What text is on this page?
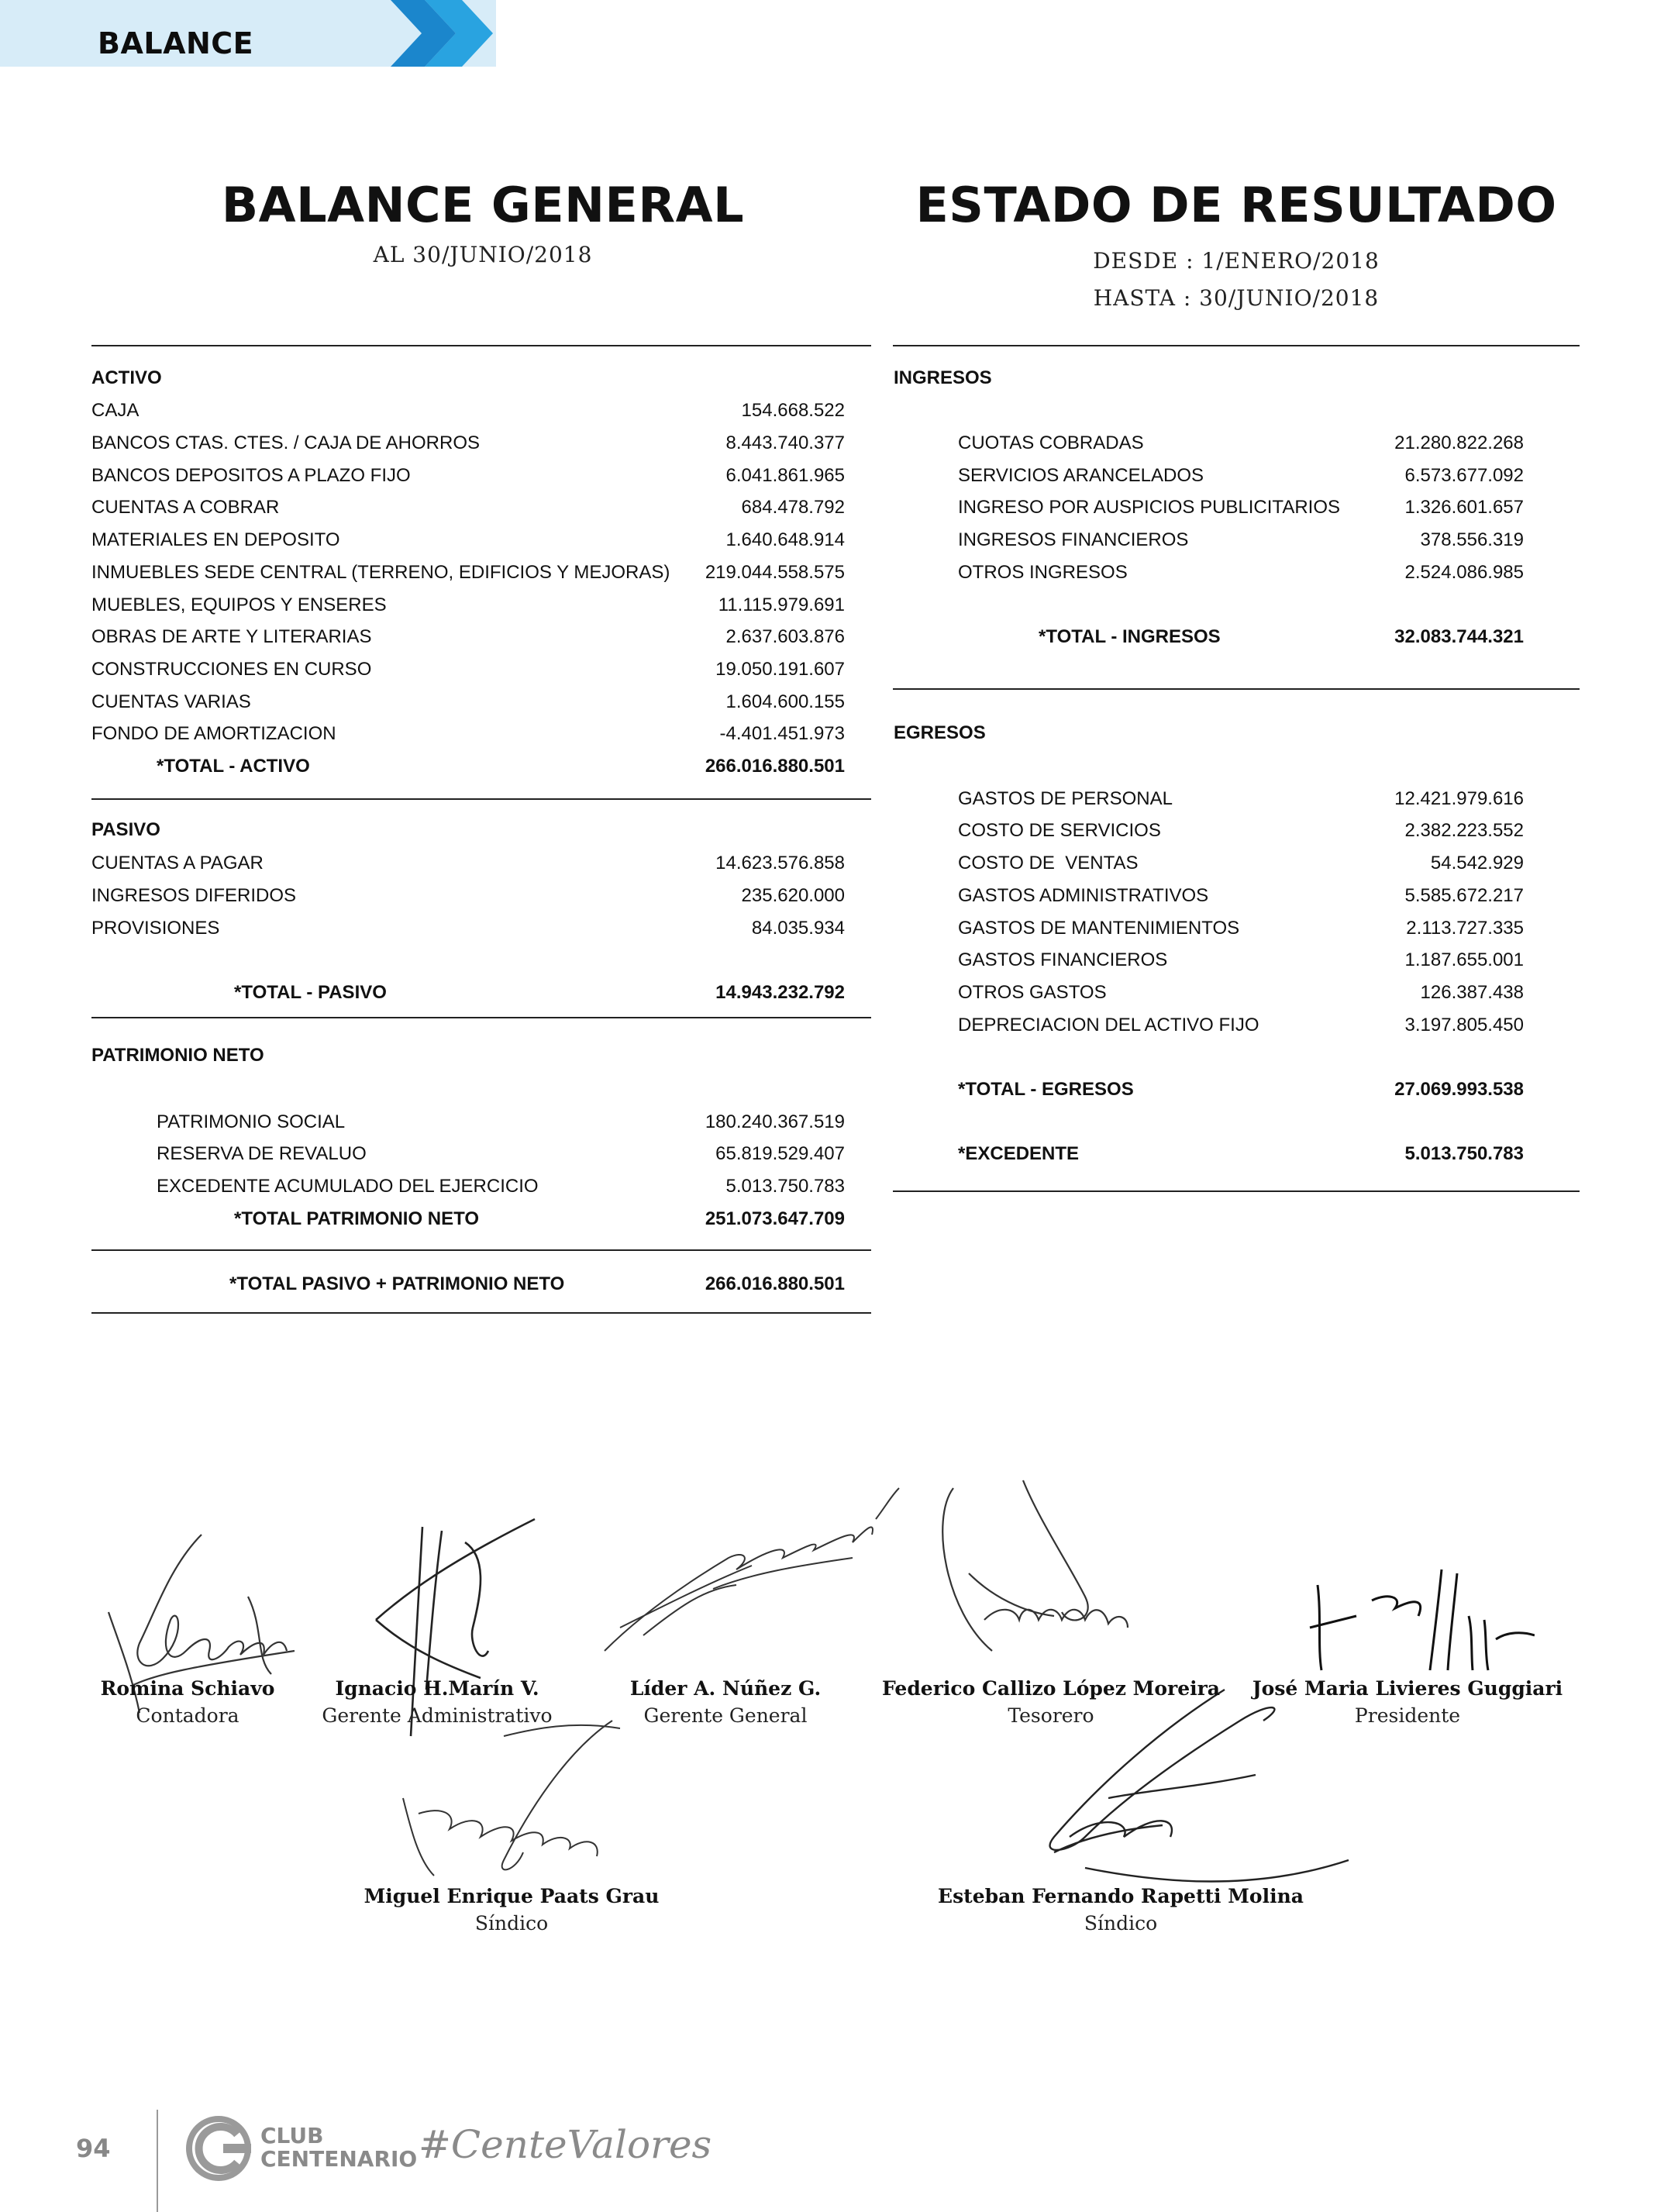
BALANCE
BALANCE GENERAL
AL 30/JUNIO/2018
ESTADO DE RESULTADO
DESDE : 1/ENERO/2018
HASTA : 30/JUNIO/2018
ACTIVO
CAJA	154.668.522
BANCOS CTAS. CTES. / CAJA DE AHORROS	8.443.740.377
BANCOS DEPOSITOS A PLAZO FIJO	6.041.861.965
CUENTAS A COBRAR	684.478.792
MATERIALES EN DEPOSITO	1.640.648.914
INMUEBLES SEDE CENTRAL (TERRENO, EDIFICIOS Y MEJORAS) 219.044.558.575
MUEBLES, EQUIPOS Y ENSERES	11.115.979.691
OBRAS DE ARTE Y LITERARIAS	2.637.603.876
CONSTRUCCIONES EN CURSO	19.050.191.607
CUENTAS VARIAS	1.604.600.155
FONDO DE AMORTIZACION	-4.401.451.973
*TOTAL - ACTIVO	266.016.880.501
PASIVO
CUENTAS A PAGAR	14.623.576.858
INGRESOS DIFERIDOS	235.620.000
PROVISIONES	84.035.934
*TOTAL - PASIVO	14.943.232.792
PATRIMONIO NETO
PATRIMONIO SOCIAL	180.240.367.519
RESERVA DE REVALUO	65.819.529.407
EXCEDENTE ACUMULADO DEL EJERCICIO	5.013.750.783
*TOTAL PATRIMONIO NETO	251.073.647.709
*TOTAL PASIVO + PATRIMONIO NETO	266.016.880.501
INGRESOS
CUOTAS COBRADAS	21.280.822.268
SERVICIOS ARANCELADOS	6.573.677.092
INGRESO POR AUSPICIOS PUBLICITARIOS	1.326.601.657
INGRESOS FINANCIEROS	378.556.319
OTROS INGRESOS	2.524.086.985
*TOTAL - INGRESOS	32.083.744.321
EGRESOS
GASTOS DE PERSONAL	12.421.979.616
COSTO DE SERVICIOS	2.382.223.552
COSTO DE  VENTAS	54.542.929
GASTOS ADMINISTRATIVOS	5.585.672.217
GASTOS DE MANTENIMIENTOS	2.113.727.335
GASTOS FINANCIEROS	1.187.655.001
OTROS GASTOS	126.387.438
DEPRECIACION DEL ACTIVO FIJO	3.197.805.450
*TOTAL - EGRESOS	27.069.993.538
*EXCEDENTE	5.013.750.783
Romina Schiavo
Contadora
Ignacio H.Marín V.
Gerente Administrativo
Líder A. Núñez G.
Gerente General
Federico Callizo López Moreira
Tesorero
José Maria Livieres Guggiari
Presidente
Miguel Enrique Paats Grau
Síndico
Esteban Fernando Rapetti Molina
Síndico
94	CLUB
CENTENARIO #CenteValores
